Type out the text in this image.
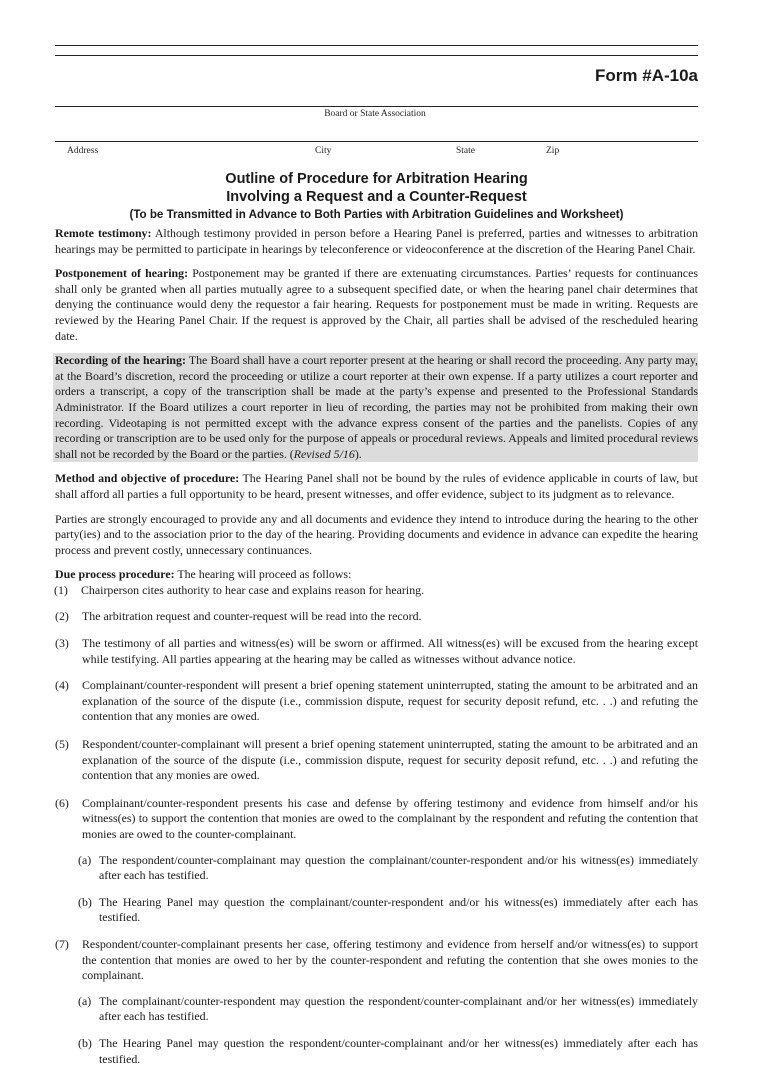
Form #A-10a
Board or State Association
Address	City	State	Zip
Outline of Procedure for Arbitration Hearing
Involving a Request and a Counter-Request
(To be Transmitted in Advance to Both Parties with Arbitration Guidelines and Worksheet)

Remote testimony: Although testimony provided in person before a Hearing Panel is preferred, parties and witnesses to arbitration hearings may be permitted to participate in hearings by teleconference or videoconference at the discretion of the Hearing Panel Chair.

Postponement of hearing: Postponement may be granted if there are extenuating circumstances. Parties’ requests for continuances shall only be granted when all parties mutually agree to a subsequent specified date, or when the hearing panel chair determines that denying the continuance would deny the requestor a fair hearing. Requests for postponement must be made in writing. Requests are reviewed by the Hearing Panel Chair. If the request is approved by the Chair, all parties shall be advised of the rescheduled hearing date.

Recording of the hearing: The Board shall have a court reporter present at the hearing or shall record the proceeding. Any party may, at the Board’s discretion, record the proceeding or utilize a court reporter at their own expense. If a party utilizes a court reporter and orders a transcript, a copy of the transcription shall be made at the party’s expense and presented to the Professional Standards Administrator. If the Board utilizes a court reporter in lieu of recording, the parties may not be prohibited from making their own recording. Videotaping is not permitted except with the advance express consent of the parties and the panelists. Copies of any recording or transcription are to be used only for the purpose of appeals or procedural reviews. Appeals and limited procedural reviews shall not be recorded by the Board or the parties. (Revised 5/16).

Method and objective of procedure: The Hearing Panel shall not be bound by the rules of evidence applicable in courts of law, but shall afford all parties a full opportunity to be heard, present witnesses, and offer evidence, subject to its judgment as to relevance.

Parties are strongly encouraged to provide any and all documents and evidence they intend to introduce during the hearing to the other party(ies) and to the association prior to the day of the hearing. Providing documents and evidence in advance can expedite the hearing process and prevent costly, unnecessary continuances.

Due process procedure: The hearing will proceed as follows:

(1)	Chairperson cites authority to hear case and explains reason for hearing.
(2)	The arbitration request and counter-request will be read into the record.
(3)	The testimony of all parties and witness(es) will be sworn or affirmed. All witness(es) will be excused from the hearing except while testifying. All parties appearing at the hearing may be called as witnesses without advance notice.
(4)	Complainant/counter-respondent will present a brief opening statement uninterrupted, stating the amount to be arbitrated and an explanation of the source of the dispute (i.e., commission dispute, request for security deposit refund, etc. . .) and refuting the contention that any monies are owed.
(5)	Respondent/counter-complainant will present a brief opening statement uninterrupted, stating the amount to be arbitrated and an explanation of the source of the dispute (i.e., commission dispute, request for security deposit refund, etc. . .) and refuting the contention that any monies are owed.
(6)	Complainant/counter-respondent presents his case and defense by offering testimony and evidence from himself and/or his witness(es) to support the contention that monies are owed to the complainant by the respondent and refuting the contention that monies are owed to the counter-complainant.
(a) The respondent/counter-complainant may question the complainant/counter-respondent and/or his witness(es) immediately after each has testified.
(b) The Hearing Panel may question the complainant/counter-respondent and/or his witness(es) immediately after each has testified.
(7)	Respondent/counter-complainant presents her case, offering testimony and evidence from herself and/or witness(es) to support the contention that monies are owed to her by the counter-respondent and refuting the contention that she owes monies to the complainant.
(a) The complainant/counter-respondent may question the respondent/counter-complainant and/or her witness(es) immediately after each has testified.
(b) The Hearing Panel may question the respondent/counter-complainant and/or her witness(es) immediately after each has testified.
